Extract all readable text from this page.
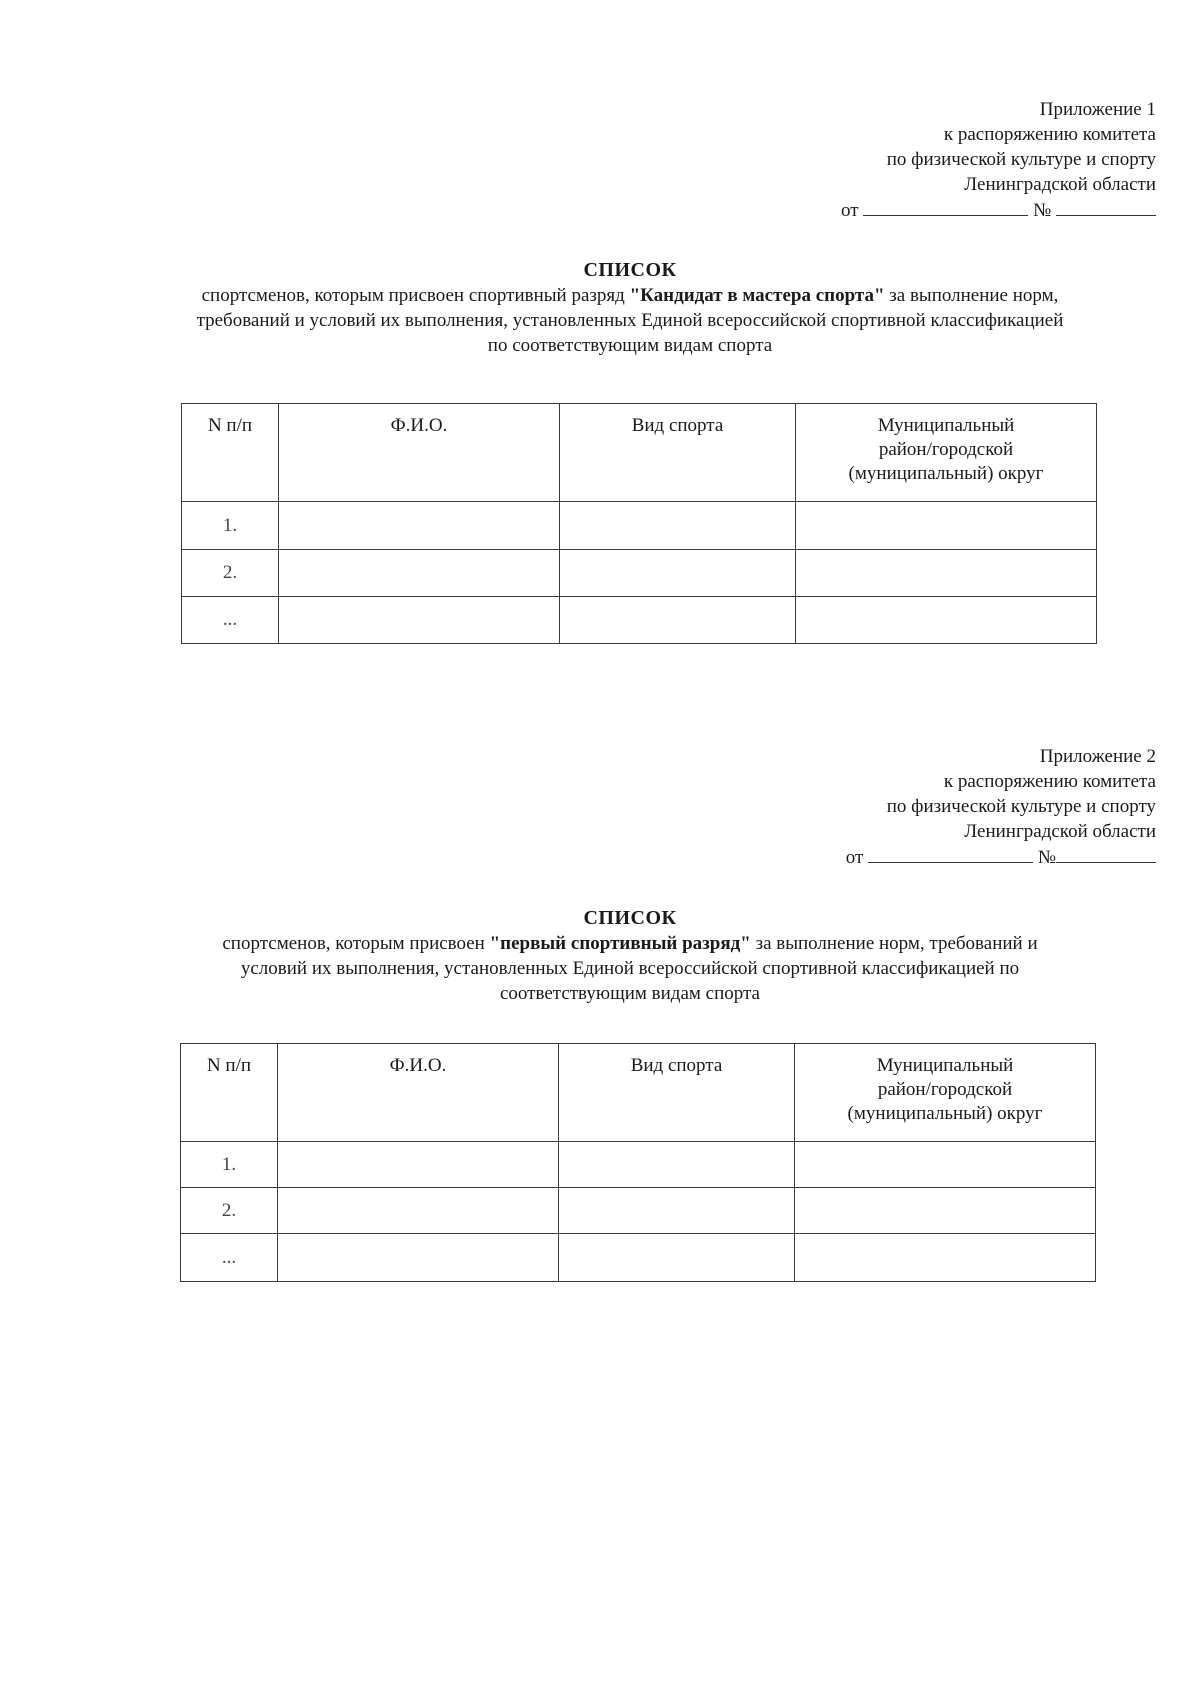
Приложение 1
к распоряжению комитета
по физической культуре и спорту
Ленинградской области
от	№
СПИСОК
спортсменов, которым присвоен спортивный разряд "Кандидат в мастера спорта" за выполнение норм,
требований и условий их выполнения, установленных Единой всероссийской спортивной классификацией
по соответствующим видам спорта
N п/п	Ф.И.О.	Вид спорта	Муниципальный
район/городской
(муниципальный) округ

1.			
2.			
...			
Приложение 2
к распоряжению комитета
по физической культуре и спорту
Ленинградской области
от	№
СПИСОК
спортсменов, которым присвоен "первый спортивный разряд" за выполнение норм, требований и
условий их выполнения, установленных Единой всероссийской спортивной классификацией по
соответствующим видам спорта
N п/п	Ф.И.О.	Вид спорта	Муниципальный
район/городской
(муниципальный) округ

1.			
2.			
...			
